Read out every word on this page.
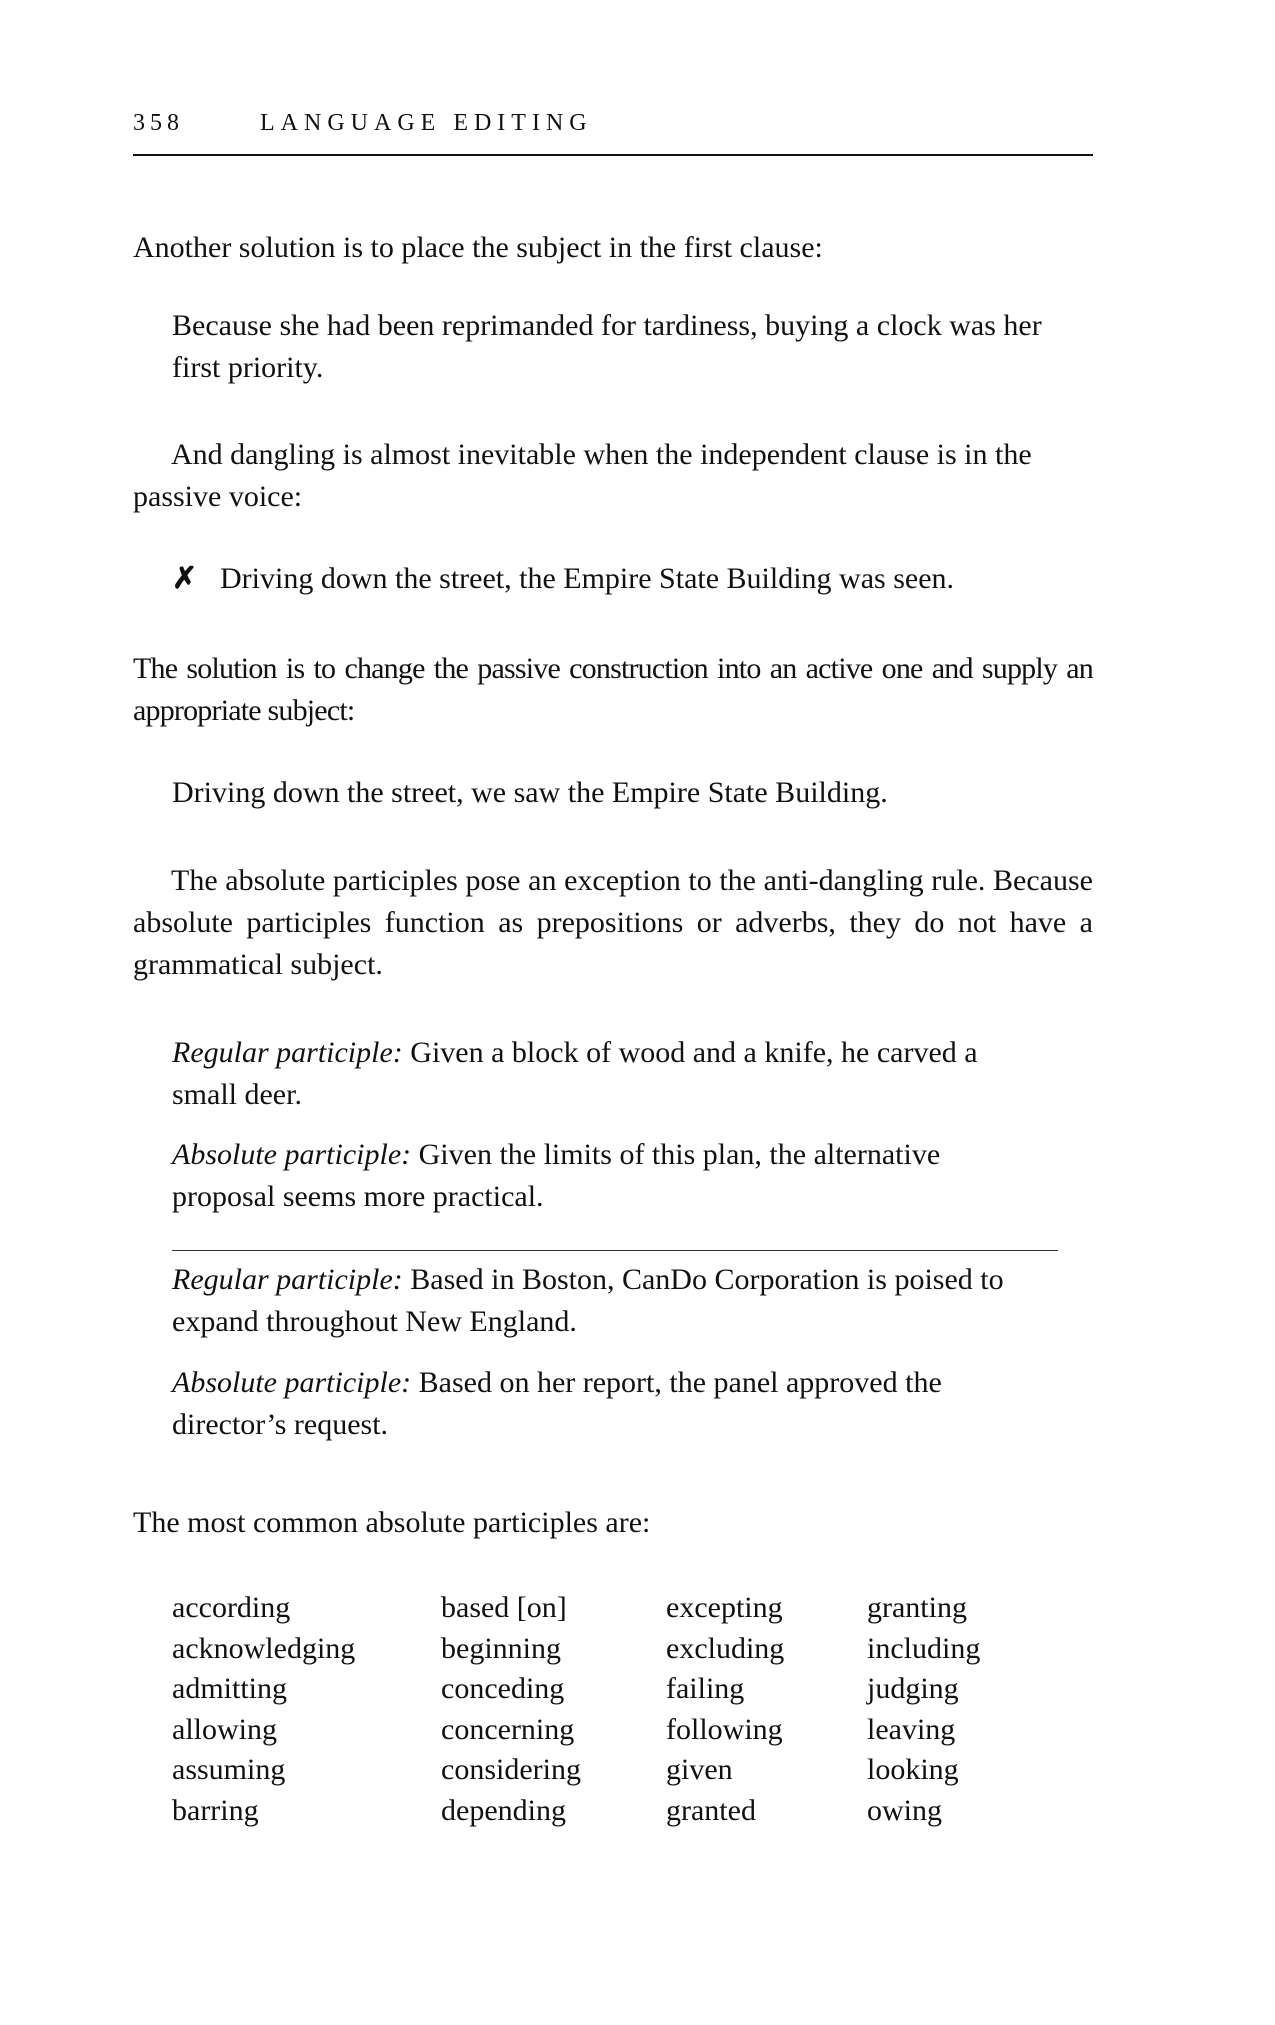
358	LANGUAGE EDITING

Another solution is to place the subject in the first clause:

Because she had been reprimanded for tardiness, buying a clock was her first priority.

And dangling is almost inevitable when the independent clause is in the passive voice:

✗ Driving down the street, the Empire State Building was seen.

The solution is to change the passive construction into an active one and supply an appropriate subject:

Driving down the street, we saw the Empire State Building.

The absolute participles pose an exception to the anti-dangling rule. Because absolute participles function as prepositions or adverbs, they do not have a grammatical subject.

Regular participle: Given a block of wood and a knife, he carved a small deer.

Absolute participle: Given the limits of this plan, the alternative proposal seems more practical.

Regular participle: Based in Boston, CanDo Corporation is poised to expand throughout New England.

Absolute participle: Based on her report, the panel approved the director’s request.

The most common absolute participles are:

according
acknowledging
admitting
allowing
assuming
barring
based [on]
beginning
conceding
concerning
considering
depending
excepting
excluding
failing
following
given
granted
granting
including
judging
leaving
looking
owing
